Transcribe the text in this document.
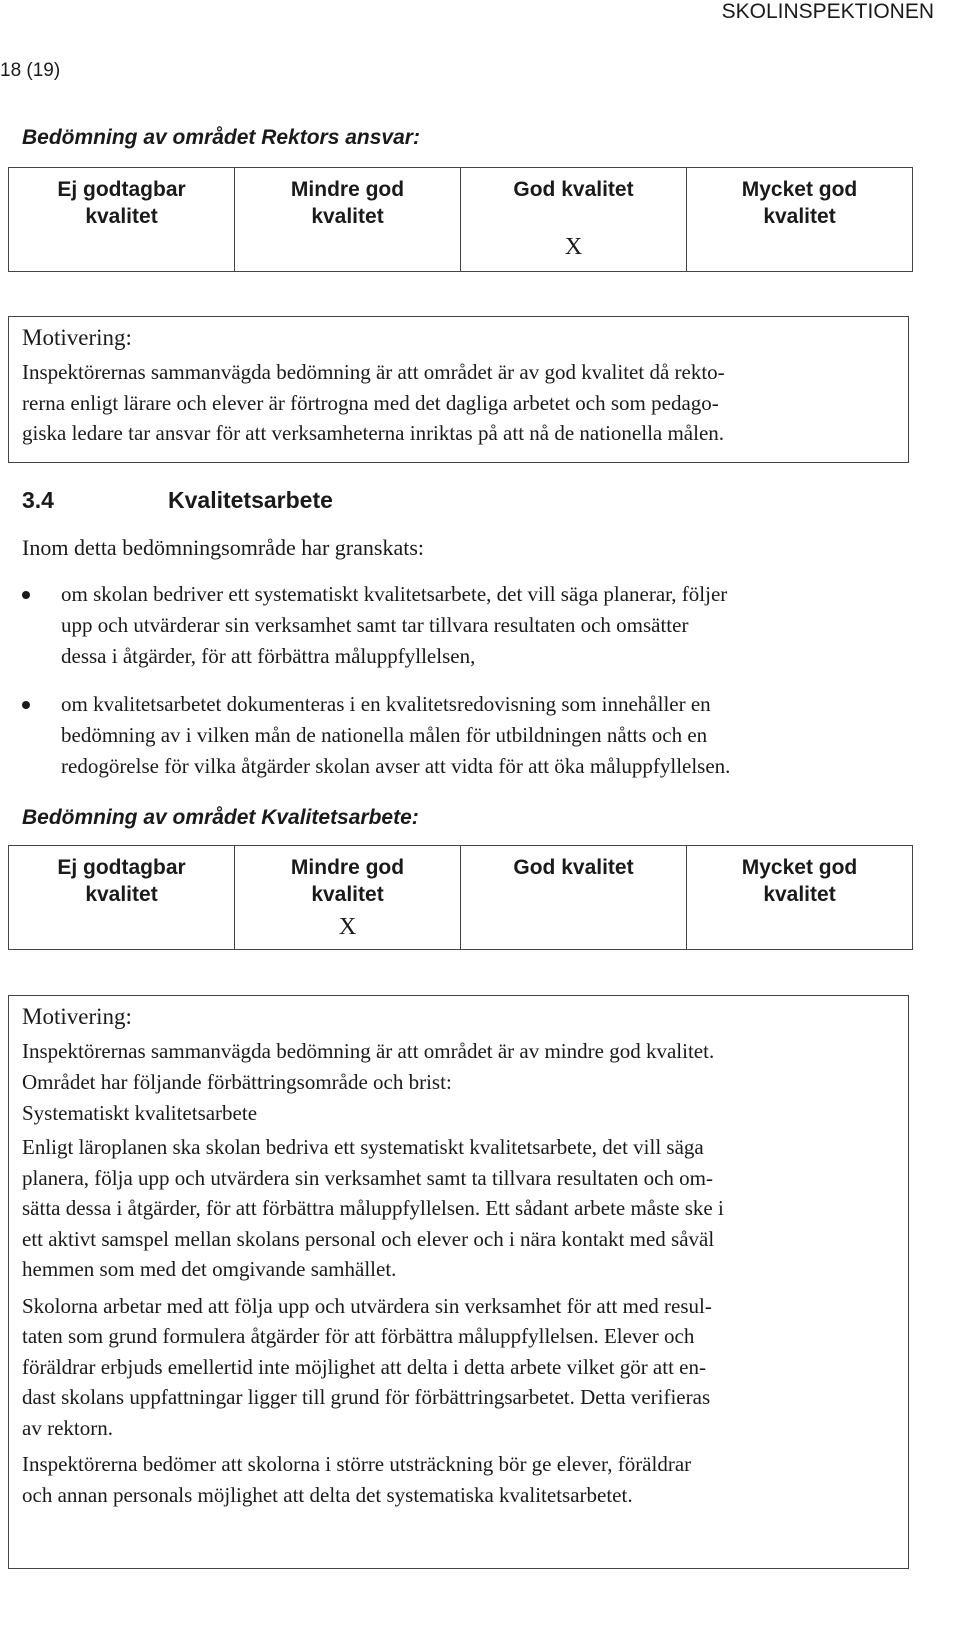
SKOLINSPEKTIONEN
18 (19)
Bedömning av området Rektors ansvar:
Ej godtagbar
kvalitet

Mindre god
kvalitet

God kvalitet
X

Mycket god
kvalitet
Motivering:

Inspektörernas sammanvägda bedömning är att området är av god kvalitet då rekto-

rerna enligt lärare och elever är förtrogna med det dagliga arbetet och som pedago-

giska ledare tar ansvar för att verksamheterna inriktas på att nå de nationella målen.

3.4	Kvalitetsarbete
Inom detta bedömningsområde har granskats:
om skolan bedriver ett systematiskt kvalitetsarbete, det vill säga planerar, följer
upp och utvärderar sin verksamhet samt tar tillvara resultaten och omsätter
dessa i åtgärder, för att förbättra måluppfyllelsen,
om kvalitetsarbetet dokumenteras i en kvalitetsredovisning som innehåller en
bedömning av i vilken mån de nationella målen för utbildningen nåtts och en
redogörelse för vilka åtgärder skolan avser att vidta för att öka måluppfyllelsen.
Bedömning av området Kvalitetsarbete:
Ej godtagbar
kvalitet

Mindre god
kvalitet
X

God kvalitet	Mycket god
kvalitet
Motivering:

Inspektörernas sammanvägda bedömning är att området är av mindre god kvalitet.

Området har följande förbättringsområde och brist:

Systematiskt kvalitetsarbete

Enligt läroplanen ska skolan bedriva ett systematiskt kvalitetsarbete, det vill säga

planera, följa upp och utvärdera sin verksamhet samt ta tillvara resultaten och om-

sätta dessa i åtgärder, för att förbättra måluppfyllelsen. Ett sådant arbete måste ske i

ett aktivt samspel mellan skolans personal och elever och i nära kontakt med såväl

hemmen som med det omgivande samhället.

Skolorna arbetar med att följa upp och utvärdera sin verksamhet för att med resul-

taten som grund formulera åtgärder för att förbättra måluppfyllelsen. Elever och

föräldrar erbjuds emellertid inte möjlighet att delta i detta arbete vilket gör att en-

dast skolans uppfattningar ligger till grund för förbättringsarbetet. Detta verifieras

av rektorn.

Inspektörerna bedömer att skolorna i större utsträckning bör ge elever, föräldrar

och annan personals möjlighet att delta det systematiska kvalitetsarbetet.
